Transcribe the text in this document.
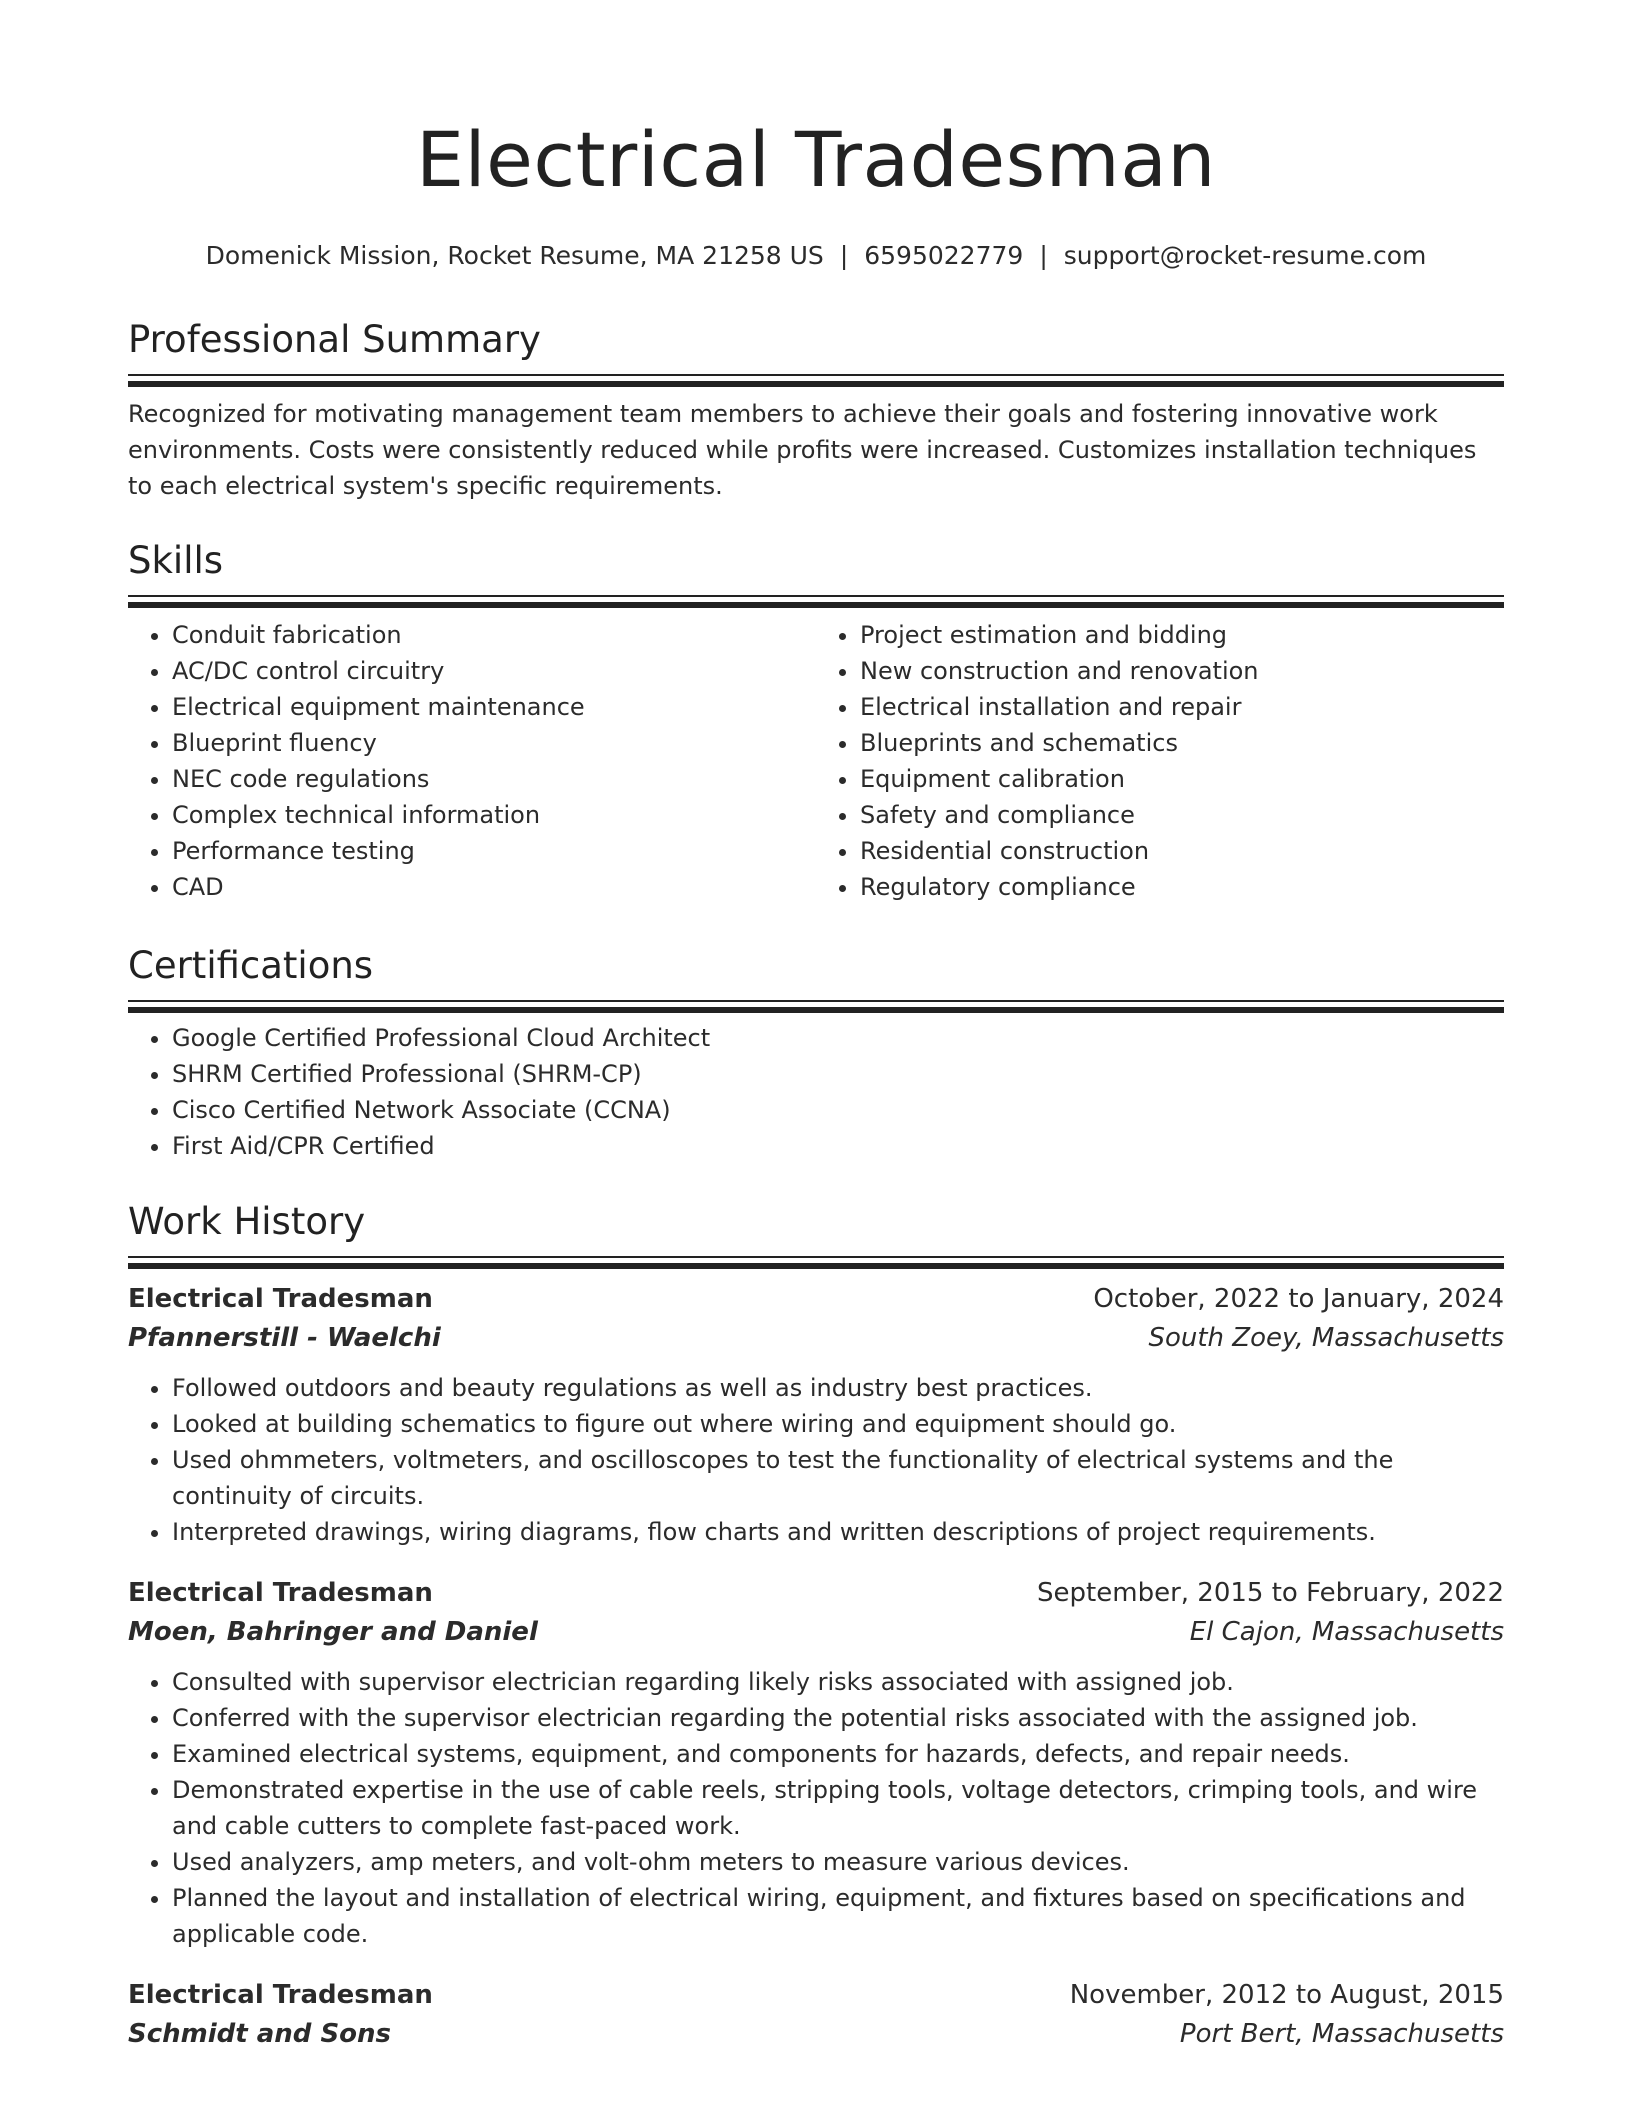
Electrical Tradesman
Domenick Mission, Rocket Resume, MA 21258 US | 6595022779 | support@rocket-resume.com
Professional Summary

Recognized for motivating management team members to achieve their goals and fostering innovative work environments. Costs were consistently reduced while profits were increased. Customizes installation techniques to each electrical system's specific requirements.

Skills
• Conduit fabrication
• AC/DC control circuitry
• Electrical equipment maintenance
• Blueprint fluency
• NEC code regulations
• Complex technical information
• Performance testing
• CAD
• Project estimation and bidding
• New construction and renovation
• Electrical installation and repair
• Blueprints and schematics
• Equipment calibration
• Safety and compliance
• Residential construction
• Regulatory compliance
Certifications
• Google Certified Professional Cloud Architect
• SHRM Certified Professional (SHRM-CP)
• Cisco Certified Network Associate (CCNA)
• First Aid/CPR Certified
Work History
Electrical Tradesman	October, 2022 to January, 2024
Pfannerstill - Waelchi	South Zoey, Massachusetts
• Followed outdoors and beauty regulations as well as industry best practices.
• Looked at building schematics to figure out where wiring and equipment should go.
• Used ohmmeters, voltmeters, and oscilloscopes to test the functionality of electrical systems and the continuity of circuits.
• Interpreted drawings, wiring diagrams, flow charts and written descriptions of project requirements.
Electrical Tradesman	September, 2015 to February, 2022
Moen, Bahringer and Daniel	El Cajon, Massachusetts
• Consulted with supervisor electrician regarding likely risks associated with assigned job.
• Conferred with the supervisor electrician regarding the potential risks associated with the assigned job.
• Examined electrical systems, equipment, and components for hazards, defects, and repair needs.
• Demonstrated expertise in the use of cable reels, stripping tools, voltage detectors, crimping tools, and wire and cable cutters to complete fast-paced work.
• Used analyzers, amp meters, and volt-ohm meters to measure various devices.
• Planned the layout and installation of electrical wiring, equipment, and fixtures based on specifications and applicable code.
Electrical Tradesman	November, 2012 to August, 2015
Schmidt and Sons	Port Bert, Massachusetts
